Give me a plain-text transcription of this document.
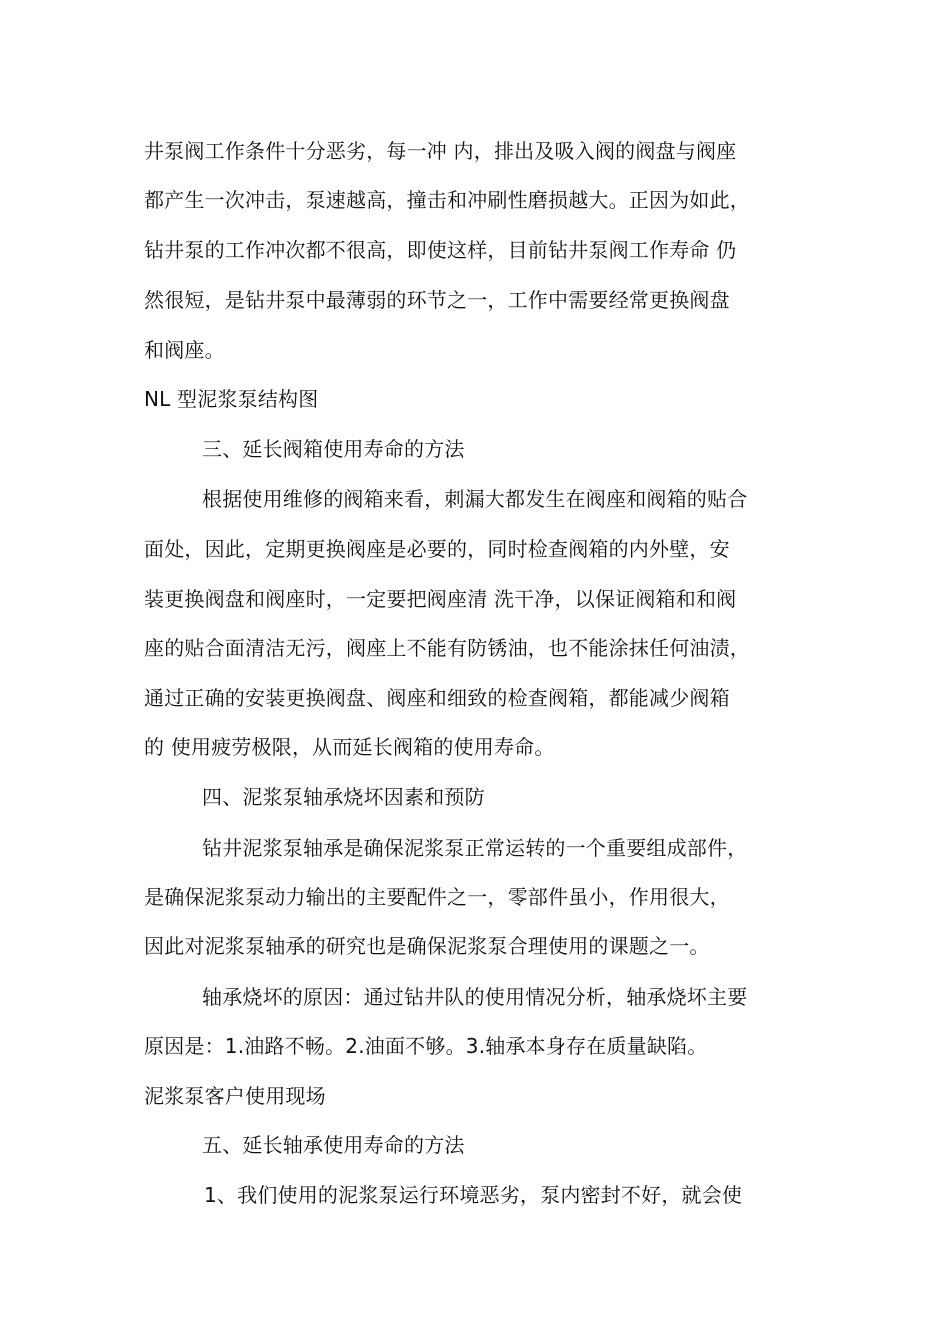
井泵阀工作条件十分恶劣，每一冲 内，排出及吸入阀的阀盘与阀座
都产生一次冲击，泵速越高，撞击和冲刷性磨损越大。正因为如此，
钻井泵的工作冲次都不很高，即使这样，目前钻井泵阀工作寿命 仍
然很短，是钻井泵中最薄弱的环节之一，工作中需要经常更换阀盘
和阀座。
NL 型泥浆泵结构图
三、延长阀箱使用寿命的方法
根据使用维修的阀箱来看，刺漏大都发生在阀座和阀箱的贴合
面处，因此，定期更换阀座是必要的，同时检查阀箱的内外壁，安
装更换阀盘和阀座时，一定要把阀座清 洗干净，以保证阀箱和和阀
座的贴合面清洁无污，阀座上不能有防锈油，也不能涂抹任何油渍，
通过正确的安装更换阀盘、阀座和细致的检查阀箱，都能减少阀箱
的 使用疲劳极限，从而延长阀箱的使用寿命。
四、泥浆泵轴承烧坏因素和预防
钻井泥浆泵轴承是确保泥浆泵正常运转的一个重要组成部件，
是确保泥浆泵动力输出的主要配件之一，零部件虽小，作用很大，
因此对泥浆泵轴承的研究也是确保泥浆泵合理使用的课题之一。
轴承烧坏的原因：通过钻井队的使用情况分析，轴承烧坏主要
原因是：1.油路不畅。2.油面不够。3.轴承本身存在质量缺陷。
泥浆泵客户使用现场
五、延长轴承使用寿命的方法
1、我们使用的泥浆泵运行环境恶劣，泵内密封不好，就会使
